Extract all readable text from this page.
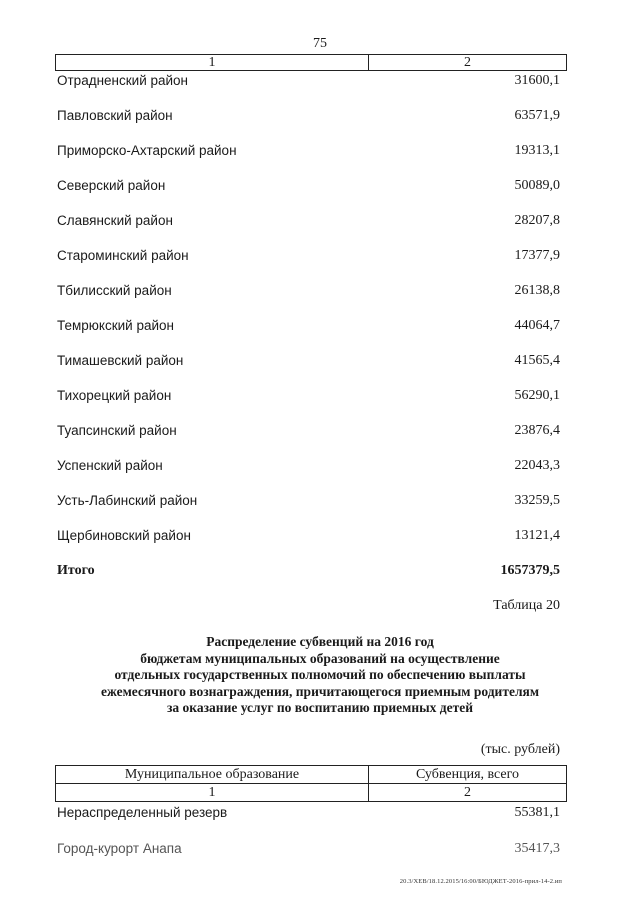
75
1	2
Отрадненский район	31600,1
Павловский район	63571,9
Приморско-Ахтарский район	19313,1
Северский район	50089,0
Славянский район	28207,8
Староминский район	17377,9
Тбилисский район	26138,8
Темрюкский район	44064,7
Тимашевский район	41565,4
Тихорецкий район	56290,1
Туапсинский район	23876,4
Успенский район	22043,3
Усть-Лабинский район	33259,5
Щербиновский район	13121,4
Итого	1657379,5
Таблица 20
Распределение субвенций на 2016 год
бюджетам муниципальных образований на осуществление
отдельных государственных полномочий по обеспечению выплаты
ежемесячного вознаграждения, причитающегося приемным родителям
за оказание услуг по воспитанию приемных детей
(тыс. рублей)
Муниципальное образование	Субвенция, всего
1	2
Нераспределенный резерв	55381,1
Город-курорт Анапа	35417,3
20.3/ХЕВ/18.12.2015/16:00/БЮДЖЕТ-2016-прил-14-2.ип
